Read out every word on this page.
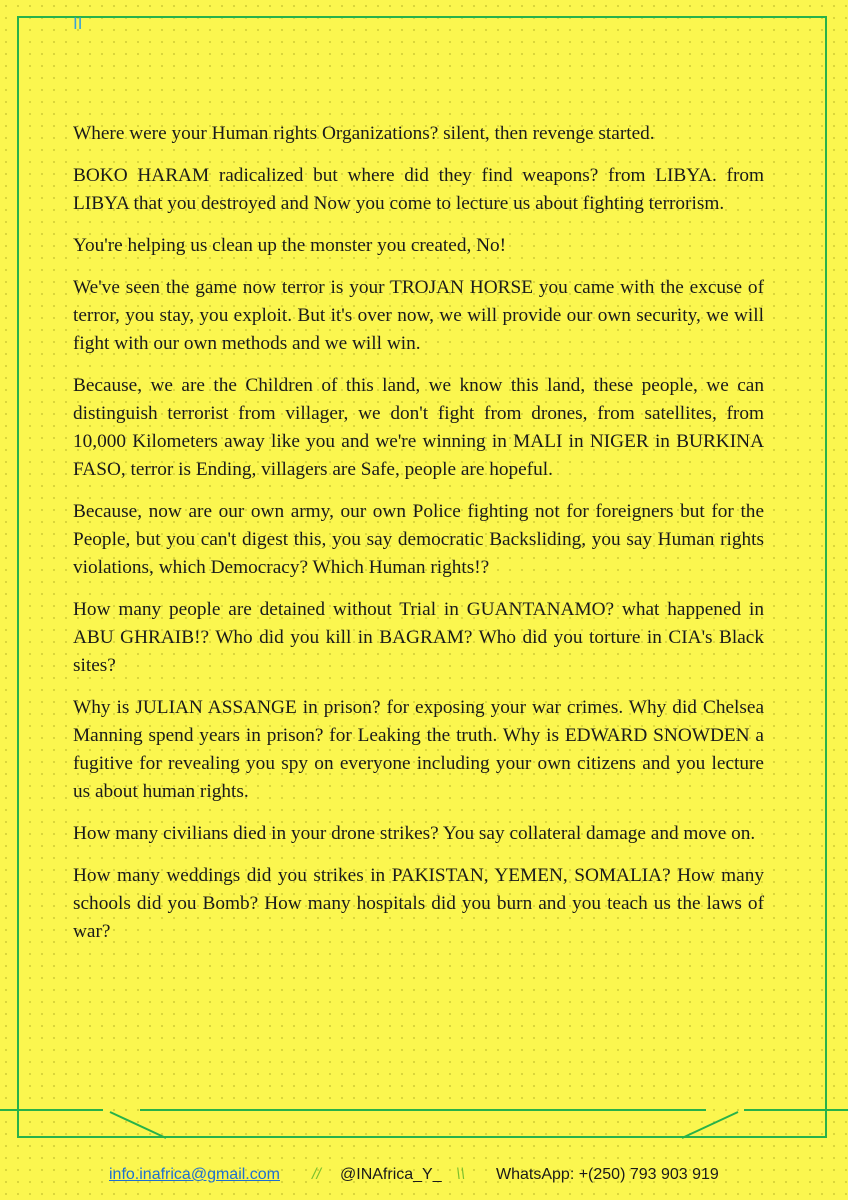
II

Where were your Human rights Organizations? silent, then revenge started.

BOKO HARAM radicalized but where did they find weapons? from LIBYA. from LIBYA that you destroyed and Now you come to lecture us about fighting terrorism.

You're helping us clean up the monster you created, No!

We've seen the game now terror is your TROJAN HORSE you came with the excuse of terror, you stay, you exploit. But it's over now, we will provide our own security, we will fight with our own methods and we will win.

Because, we are the Children of this land, we know this land, these people, we can distinguish terrorist from villager, we don't fight from drones, from satellites, from 10,000 Kilometers away like you and we're winning in MALI in NIGER in BURKINA FASO, terror is Ending, villagers are Safe, people are hopeful.

Because, now are our own army, our own Police fighting not for foreigners but for the People, but you can't digest this, you say democratic Backsliding, you say Human rights violations, which Democracy? Which Human rights!?

How many people are detained without Trial in GUANTANAMO? what happened in ABU GHRAIB!? Who did you kill in BAGRAM? Who did you torture in CIA's Black sites?

Why is JULIAN ASSANGE in prison? for exposing your war crimes. Why did Chelsea Manning spend years in prison? for Leaking the truth. Why is EDWARD SNOWDEN a fugitive for revealing you spy on everyone including your own citizens and you lecture us about human rights.

How many civilians died in your drone strikes? You say collateral damage and move on.

How many weddings did you strikes in PAKISTAN, YEMEN, SOMALIA? How many schools did you Bomb? How many hospitals did you burn and you teach us the laws of war?

info.inafrica@gmail.com // @INAfrica_Y_ \\ WhatsApp: +(250) 793 903 919
